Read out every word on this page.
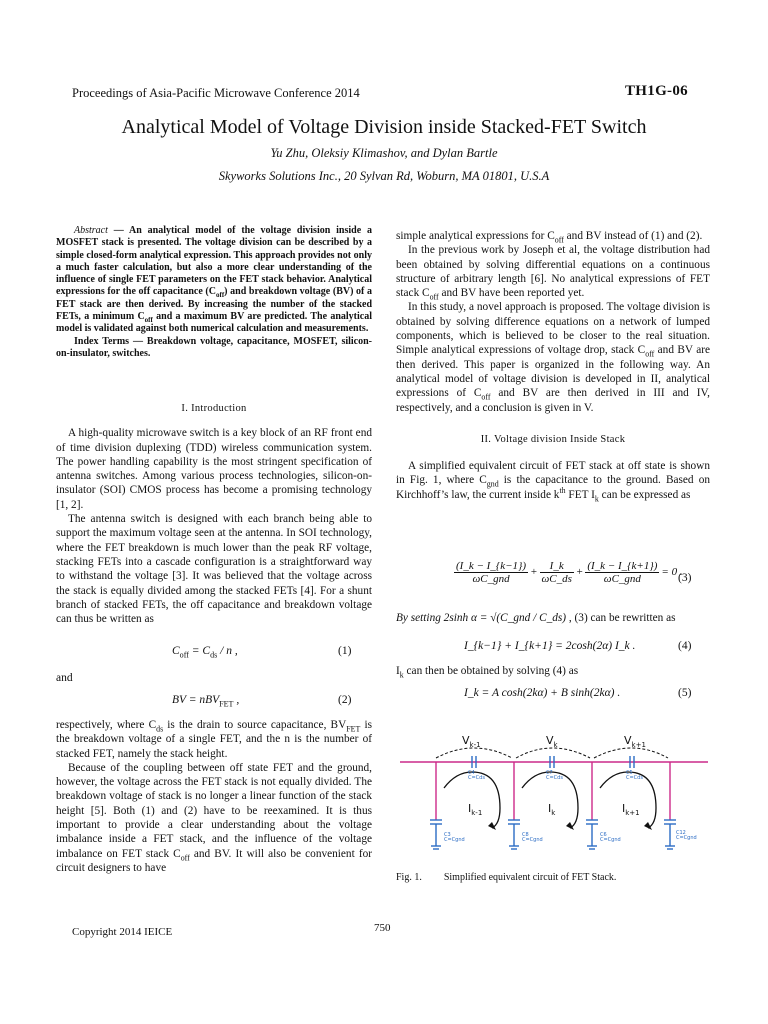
Proceedings of Asia-Pacific Microwave Conference 2014	TH1G-06
Analytical Model of Voltage Division inside Stacked-FET Switch
Yu Zhu, Oleksiy Klimashov, and Dylan Bartle
Skyworks Solutions Inc., 20 Sylvan Rd, Woburn, MA 01801, U.S.A

Abstract — An analytical model of the voltage division inside a MOSFET stack is presented. The voltage division can be described by a simple closed-form analytical expression. This approach provides not only a much faster calculation, but also a more clear understanding of the influence of single FET parameters on the FET stack behavior. Analytical expressions for the off capacitance $(C_{off})$ and breakdown voltage (BV) of a FET stack are then derived. By increasing the number of the stacked FETs, a minimum $C_{off}$ and a maximum BV are predicted. The analytical model is validated against both numerical calculation and measurements.

Index Terms — Breakdown voltage, capacitance, MOSFET, silicon-on-insulator, switches.

I. Introduction

A high-quality microwave switch is a key block of an RF front end of time division duplexing (TDD) wireless communication system. The power handling capability is the most stringent specification of antenna switches. Among various process technologies, silicon-on-insulator (SOI) CMOS process has become a promising technology [1, 2].

The antenna switch is designed with each branch being able to support the maximum voltage seen at the antenna. In SOI technology, where the FET breakdown is much lower than the peak RF voltage, stacking FETs into a cascade configuration is a straightforward way to withstand the voltage [3]. It was believed that the voltage across the stack is equally divided among the stacked FETs [4]. For a shunt branch of stacked FETs, the off capacitance and breakdown voltage can thus be written as

$C_{off} = C_{ds} / n$ ,	(1)
and
BV = nBV$_{FET}$ ,	(2)

respectively, where $C_{ds}$ is the drain to source capacitance, $BV_{FET}$ is the breakdown voltage of a single FET, and the n is the number of stacked FET, namely the stack height.

Because of the coupling between off state FET and the ground, however, the voltage across the FET stack is not equally divided. The breakdown voltage of stack is no longer a linear function of the stack height [5]. Both (1) and (2) have to be reexamined. It is thus important to provide a clear understanding about the voltage imbalance inside a FET stack, and the influence of the voltage imbalance on FET stack $C_{off}$ and BV. It will also be convenient for circuit designers to have

simple analytical expressions for $C_{off}$ and BV instead of (1) and (2).

In the previous work by Joseph et al, the voltage distribution had been obtained by solving differential equations on a continuous structure of arbitrary length [6]. No analytical expressions of FET stack $C_{off}$ and BV have been reported yet.

In this study, a novel approach is proposed. The voltage division is obtained by solving difference equations on a network of lumped components, which is believed to be closer to the real situation. Simple analytical expressions of voltage drop, stack $C_{off}$ and BV are then derived. This paper is organized in the following way. An analytical model of voltage division is developed in II, analytical expressions of $C_{off}$ and BV are then derived in III and IV, respectively, and a conclusion is given in V.

II. Voltage division Inside Stack

A simplified equivalent circuit of FET stack at off state is shown in Fig. 1, where $C_{gnd}$ is the capacitance to the ground. Based on Kirchhoff’s law, the current inside $k^{th}$ FET $I_k$ can be expressed as

$\frac{(I\_k - I\_\{k-1\})}{\text{ωC\_gnd}} + \frac{I\_k}{\omega C\_ds} + \frac{(I\_k - I\_\{k+1\})}{\text{ωC\_gnd}} = 0$ .
(3)
By setting 2sinh α = √(C_gnd / C_ds) , (3) can be rewritten as
I_{k−1} + I_{k+1} = 2cosh(2α) I_k .	(4)
$I_k$ can then be obtained by solving (4) as
I_k = A cosh(2kα) + B sinh(2kα) .	(5)
$V_{k-1}$	$V_k$	$V_{k+1}$
$I_{k-1}$	$I_k$	$I_{k+1}$
C4
C=Cds
C7
C=Cds
C5
C=Cds
C3
C=Cgnd
C8
C=Cgnd
C6
C=Cgnd
C12
C=Cgnd
Fig. 1. Simplified equivalent circuit of FET Stack.
Copyright 2014 IEICE	750
